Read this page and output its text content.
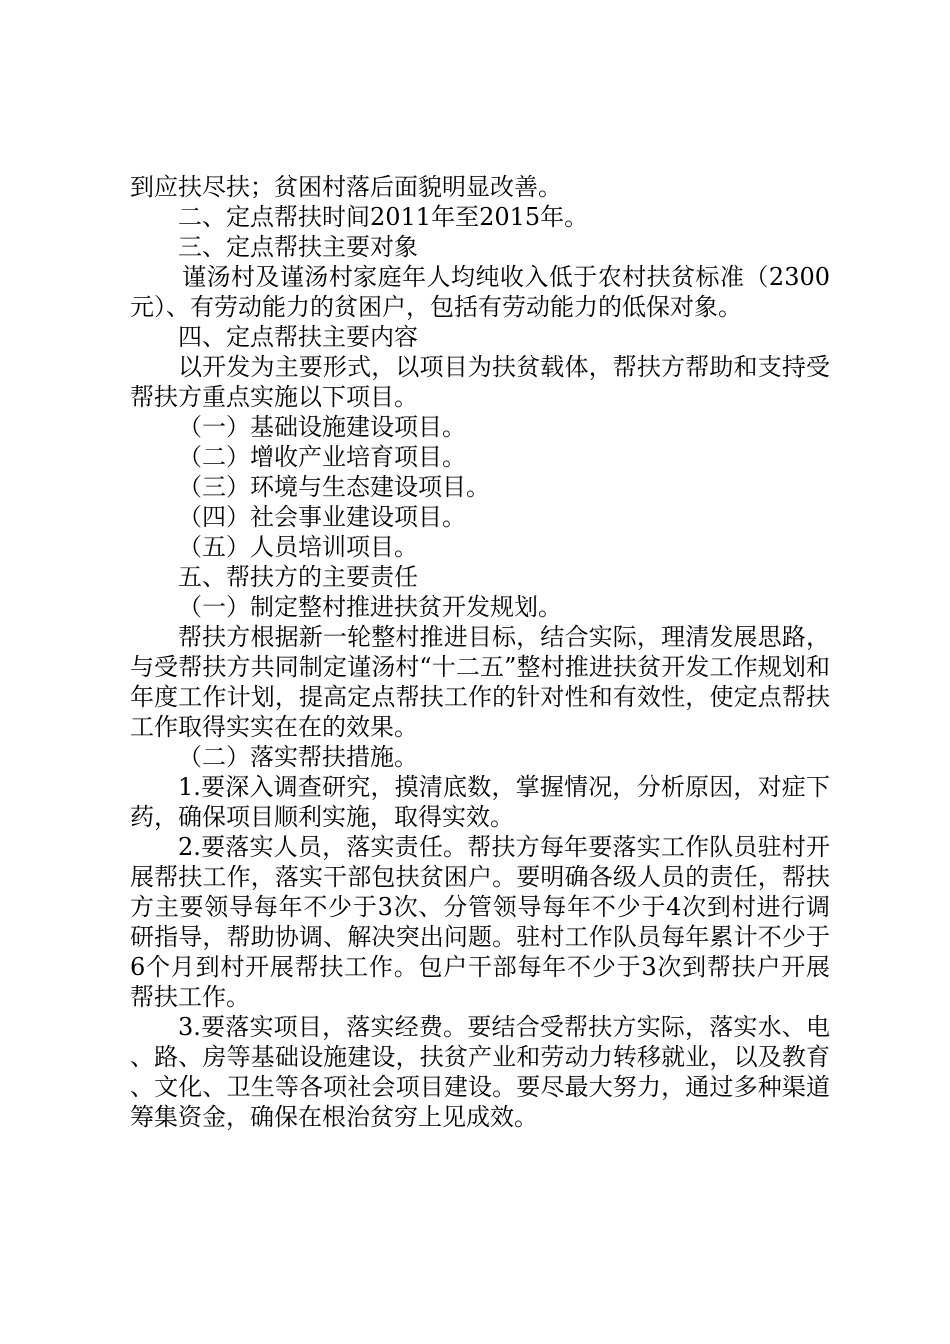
到应扶尽扶；贫困村落后面貌明显改善。

二、定点帮扶时间2011年至2015年。

三、定点帮扶主要对象

谨汤村及谨汤村家庭年人均纯收入低于农村扶贫标准（2300元）、有劳动能力的贫困户，包括有劳动能力的低保对象。

四、定点帮扶主要内容

以开发为主要形式，以项目为扶贫载体，帮扶方帮助和支持受帮扶方重点实施以下项目。

（一）基础设施建设项目。

（二）增收产业培育项目。

（三）环境与生态建设项目。

（四）社会事业建设项目。

（五）人员培训项目。

五、帮扶方的主要责任

（一）制定整村推进扶贫开发规划。

帮扶方根据新一轮整村推进目标，结合实际，理清发展思路，与受帮扶方共同制定谨汤村“十二五”整村推进扶贫开发工作规划和年度工作计划，提高定点帮扶工作的针对性和有效性，使定点帮扶工作取得实实在在的效果。

（二）落实帮扶措施。

1.要深入调查研究，摸清底数，掌握情况，分析原因，对症下药，确保项目顺利实施，取得实效。

2.要落实人员，落实责任。帮扶方每年要落实工作队员驻村开展帮扶工作，落实干部包扶贫困户。要明确各级人员的责任，帮扶方主要领导每年不少于3次、分管领导每年不少于4次到村进行调研指导，帮助协调、解决突出问题。驻村工作队员每年累计不少于6个月到村开展帮扶工作。包户干部每年不少于3次到帮扶户开展帮扶工作。

3.要落实项目，落实经费。要结合受帮扶方实际，落实水、电、路、房等基础设施建设，扶贫产业和劳动力转移就业，以及教育、文化、卫生等各项社会项目建设。要尽最大努力，通过多种渠道筹集资金，确保在根治贫穷上见成效。
